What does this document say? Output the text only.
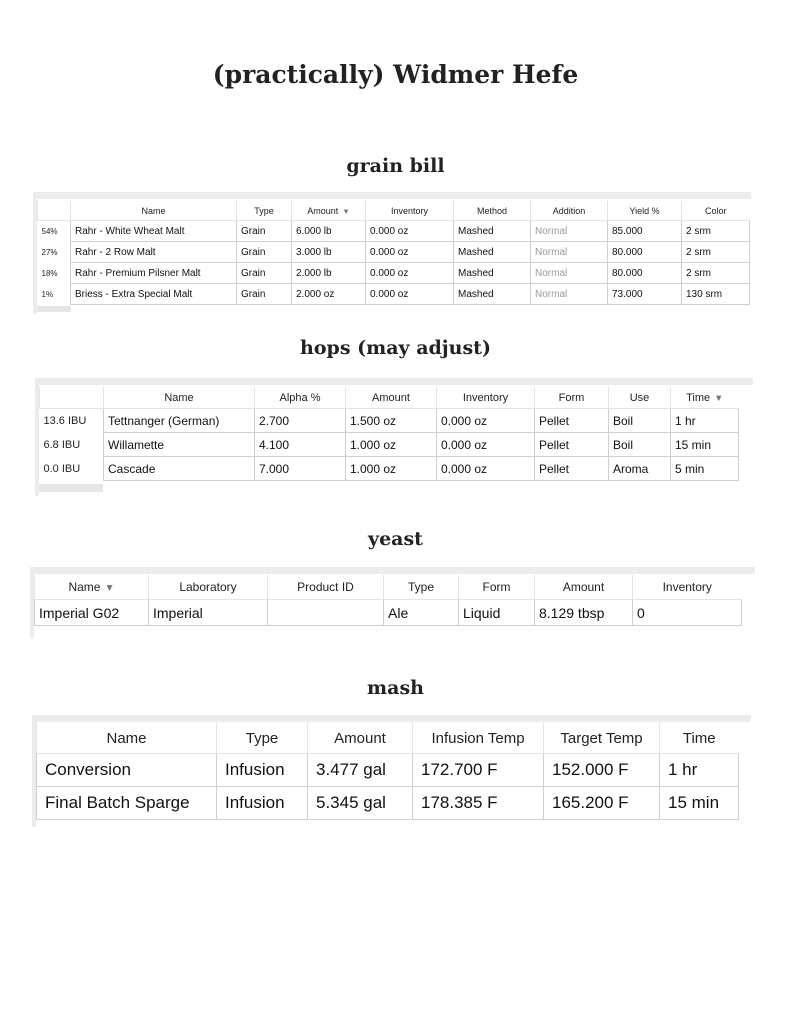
(practically) Widmer Hefe
grain bill
hops (may adjust)
yeast
mash
	Name	Type	Amount ▼	Inventory	Method	Addition	Yield %	Color
54%	Rahr - White Wheat Malt	Grain	6.000 lb	0.000 oz	Mashed	Normal	85.000	2 srm
27%	Rahr - 2 Row Malt	Grain	3.000 lb	0.000 oz	Mashed	Normal	80.000	2 srm
18%	Rahr - Premium Pilsner Malt	Grain	2.000 lb	0.000 oz	Mashed	Normal	80.000	2 srm
1%	Briess - Extra Special Malt	Grain	2.000 oz	0.000 oz	Mashed	Normal	73.000	130 srm
	Name	Alpha %	Amount	Inventory	Form	Use	Time ▼
13.6 IBU	Tettnanger (German)	2.700	1.500 oz	0.000 oz	Pellet	Boil	1 hr
6.8 IBU	Willamette	4.100	1.000 oz	0.000 oz	Pellet	Boil	15 min
0.0 IBU	Cascade	7.000	1.000 oz	0.000 oz	Pellet	Aroma	5 min
Name ▼	Laboratory	Product ID	Type	Form	Amount	Inventory
Imperial G02	Imperial		Ale	Liquid	8.129 tbsp	0
Name	Type	Amount	Infusion Temp	Target Temp	Time
Conversion	Infusion	3.477 gal	172.700 F	152.000 F	1 hr
Final Batch Sparge	Infusion	5.345 gal	178.385 F	165.200 F	15 min
